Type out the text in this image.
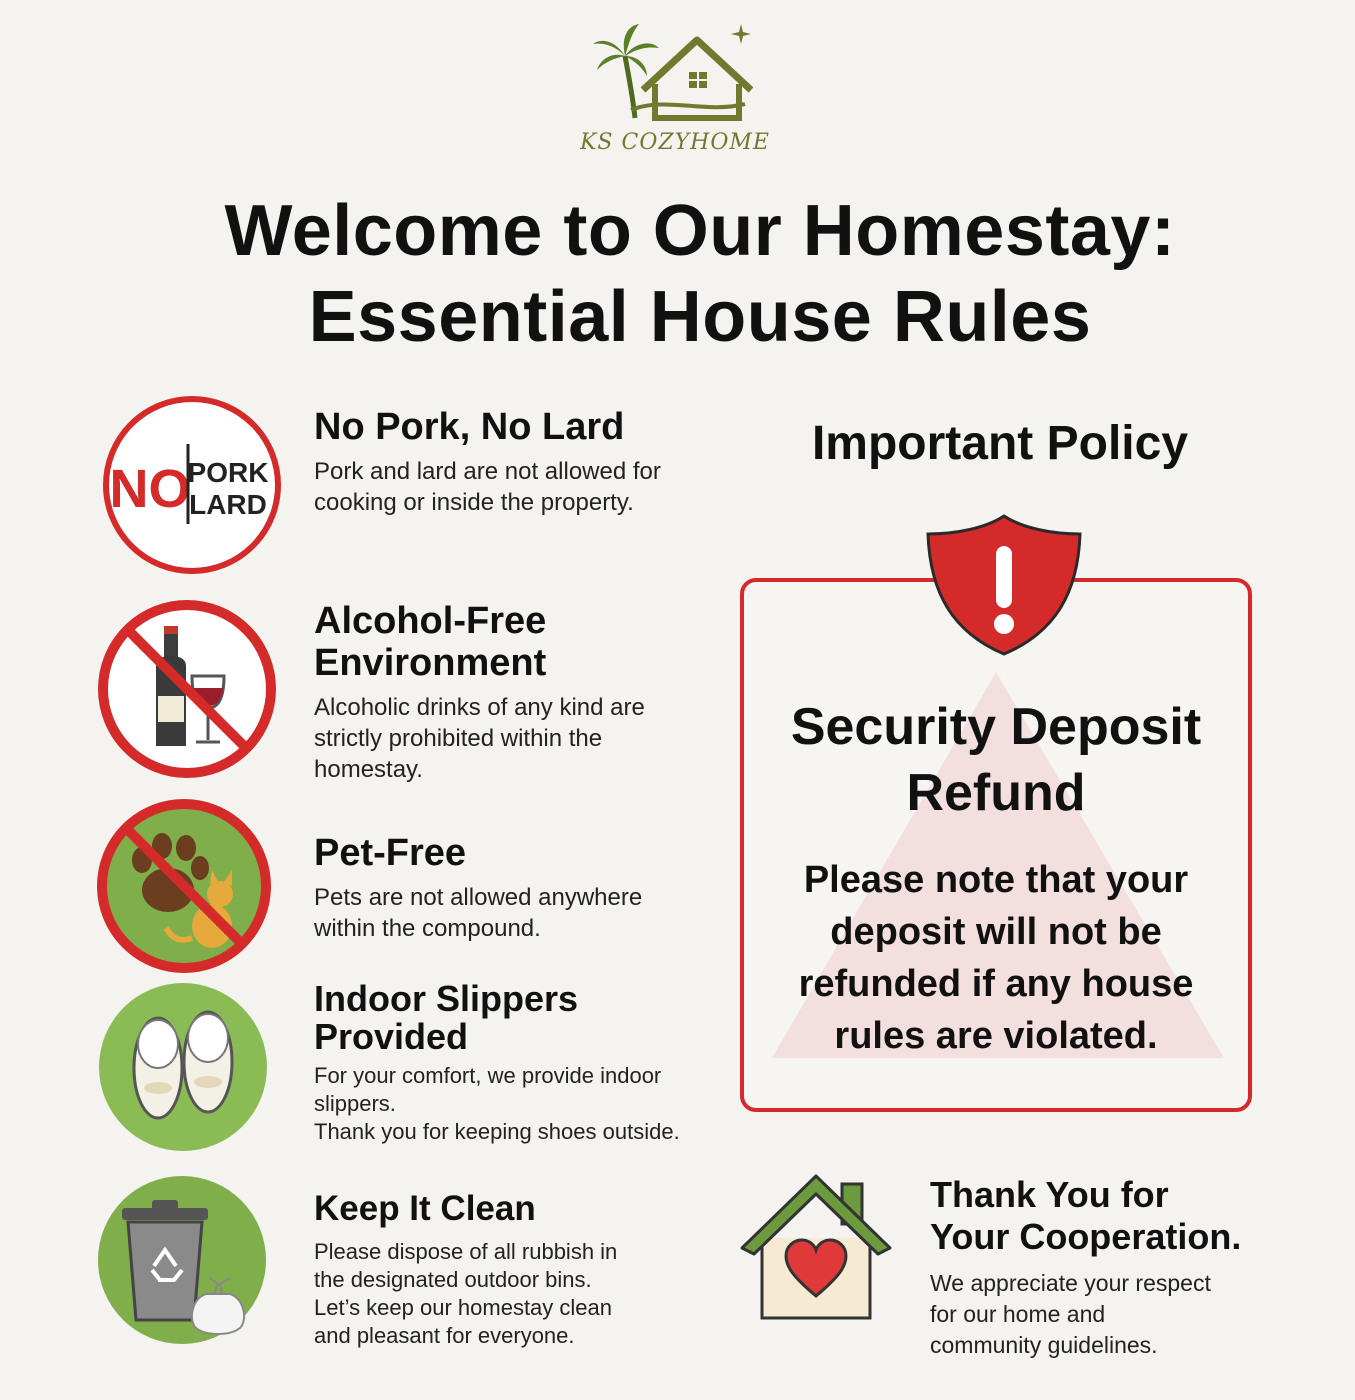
KS COZYHOME
Welcome to Our Homestay:
Essential House Rules
NO
PORK
LARD
No Pork, No Lard

Pork and lard are not allowed for cooking or inside the property.

Alcohol-Free
Environment

Alcoholic drinks of any kind are strictly prohibited within the homestay.

Pet-Free

Pets are not allowed anywhere within the compound.

Indoor Slippers
Provided

For your comfort, we provide indoor slippers.

Thank you for keeping shoes outside.

Keep It Clean

Please dispose of all rubbish in the designated outdoor bins. Let’s keep our homestay clean and pleasant for everyone.

Important Policy
Security Deposit
Refund
Please note that your deposit will not be refunded if any house rules are violated.
Thank You for
Your Cooperation.

We appreciate your respect for our home and community guidelines.
